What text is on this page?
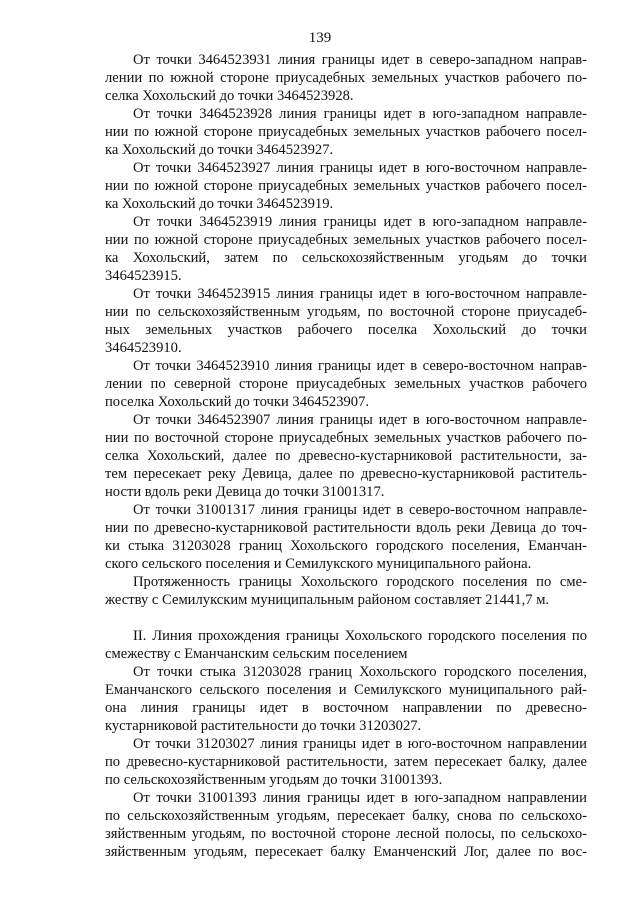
139
От точки 3464523931 линия границы идет в северо-западном направ-
лении по южной стороне приусадебных земельных участков рабочего по-
селка Хохольский до точки 3464523928.
От точки 3464523928 линия границы идет в юго-западном направле-
нии по южной стороне приусадебных земельных участков рабочего посел-
ка Хохольский до точки 3464523927.
От точки 3464523927 линия границы идет в юго-восточном направле-
нии по южной стороне приусадебных земельных участков рабочего посел-
ка Хохольский до точки 3464523919.
От точки 3464523919 линия границы идет в юго-западном направле-
нии по южной стороне приусадебных земельных участков рабочего посел-
ка Хохольский, затем по сельскохозяйственным угодьям до точки
3464523915.
От точки 3464523915 линия границы идет в юго-восточном направле-
нии по сельскохозяйственным угодьям, по восточной стороне приусадеб-
ных земельных участков рабочего поселка Хохольский до точки
3464523910.
От точки 3464523910 линия границы идет в северо-восточном направ-
лении по северной стороне приусадебных земельных участков рабочего
поселка Хохольский до точки 3464523907.
От точки 3464523907 линия границы идет в юго-восточном направле-
нии по восточной стороне приусадебных земельных участков рабочего по-
селка Хохольский, далее по древесно-кустарниковой растительности, за-
тем пересекает реку Девица, далее по древесно-кустарниковой раститель-
ности вдоль реки Девица до точки 31001317.
От точки 31001317 линия границы идет в северо-восточном направле-
нии по древесно-кустарниковой растительности вдоль реки Девица до точ-
ки стыка 31203028 границ Хохольского городского поселения, Еманчан-
ского сельского поселения и Семилукского муниципального района.
Протяженность границы Хохольского городского поселения по сме-
жеству с Семилукским муниципальным районом составляет 21441,7 м.
II. Линия прохождения границы Хохольского городского поселения по
смежеству с Еманчанским сельским поселением
От точки стыка 31203028 границ Хохольского городского поселения,
Еманчанского сельского поселения и Семилукского муниципального рай-
она линия границы идет в восточном направлении по древесно-
кустарниковой растительности до точки 31203027.
От точки 31203027 линия границы идет в юго-восточном направлении
по древесно-кустарниковой растительности, затем пересекает балку, далее
по сельскохозяйственным угодьям до точки 31001393.
От точки 31001393 линия границы идет в юго-западном направлении
по сельскохозяйственным угодьям, пересекает балку, снова по сельскохо-
зяйственным угодьям, по восточной стороне лесной полосы, по сельскохо-
зяйственным угодьям, пересекает балку Еманченский Лог, далее по вос-
